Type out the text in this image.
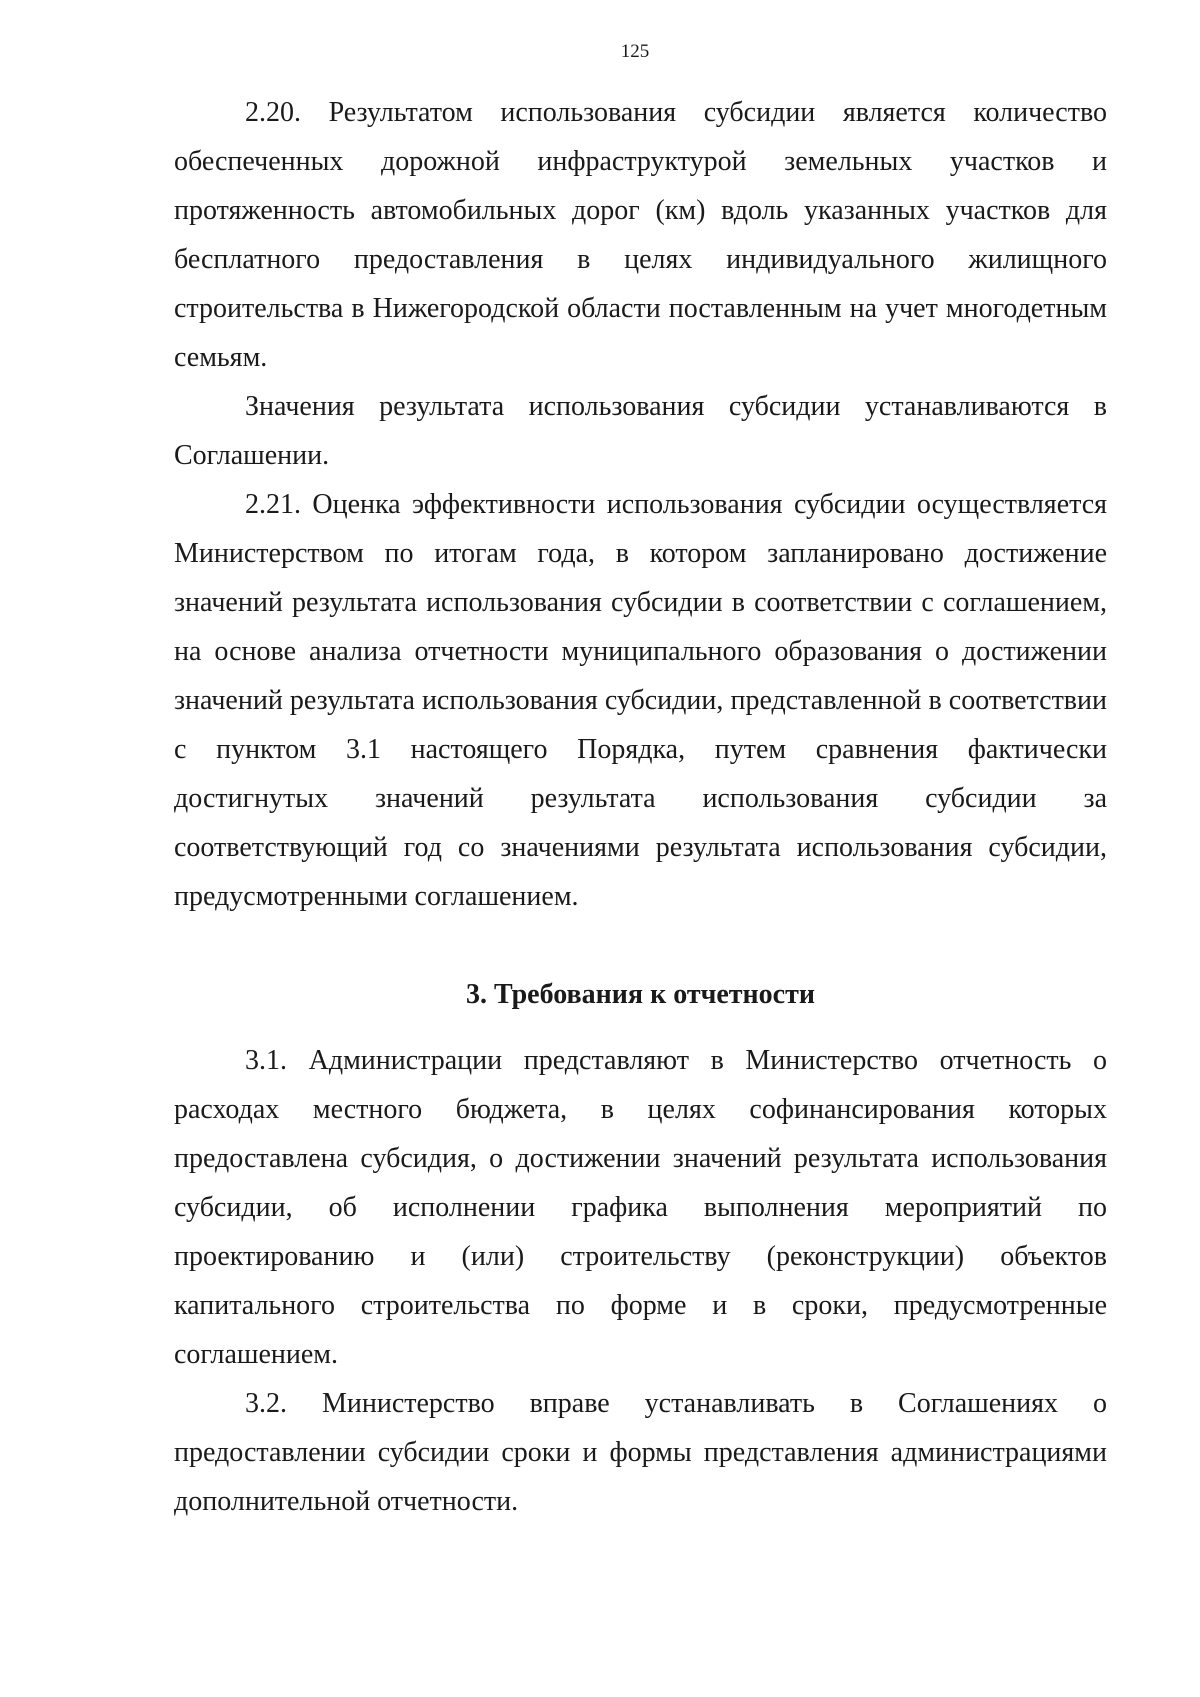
125

2.20. Результатом использования субсидии является количество обеспеченных дорожной инфраструктурой земельных участков и протяженность автомобильных дорог (км) вдоль указанных участков для бесплатного предоставления в целях индивидуального жилищного строительства в Нижегородской области поставленным на учет многодетным семьям.

Значения результата использования субсидии устанавливаются в Соглашении.

2.21. Оценка эффективности использования субсидии осуществляется Министерством по итогам года, в котором запланировано достижение значений результата использования субсидии в соответствии с соглашением, на основе анализа отчетности муниципального образования о достижении значений результата использования субсидии, представленной в соответствии с пунктом 3.1 настоящего Порядка, путем сравнения фактически достигнутых значений результата использования субсидии за соответствующий год со значениями результата использования субсидии, предусмотренными соглашением.

3. Требования к отчетности

3.1. Администрации представляют в Министерство отчетность о расходах местного бюджета, в целях софинансирования которых предоставлена субсидия, о достижении значений результата использования субсидии, об исполнении графика выполнения мероприятий по проектированию и (или) строительству (реконструкции) объектов капитального строительства по форме и в сроки, предусмотренные соглашением.

3.2. Министерство вправе устанавливать в Соглашениях о предоставлении субсидии сроки и формы представления администрациями дополнительной отчетности.
